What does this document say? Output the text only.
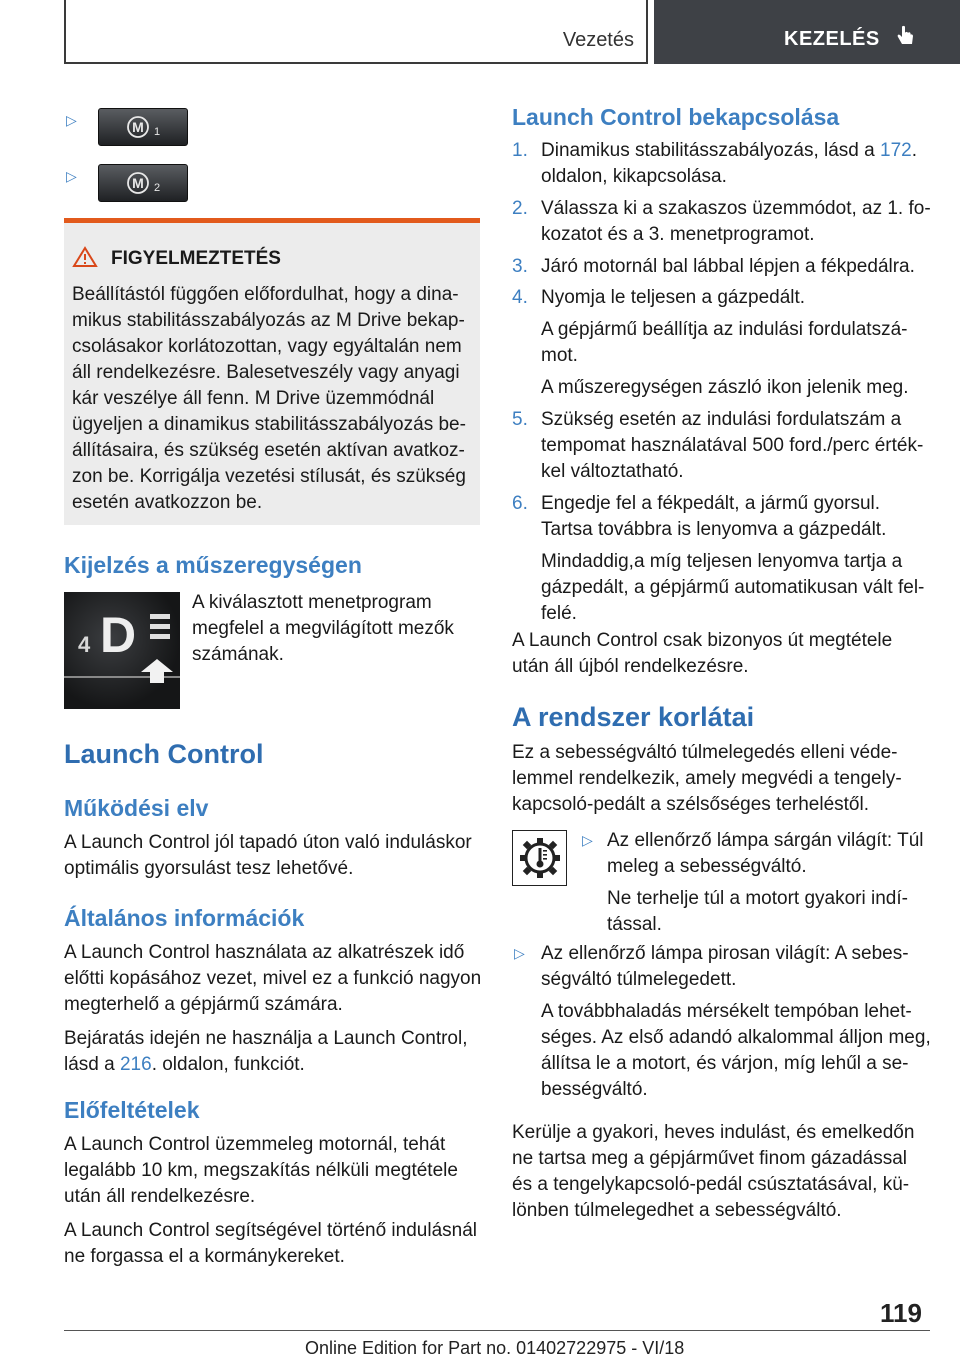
Vezetés	KEZELÉS
▷	M 1
▷	M 2
FIGYELMEZTETÉS
Beállítástól függően előfordulhat, hogy a dina-
mikus stabilitásszabályozás az M Drive bekap-
csolásakor korlátozottan, vagy egyáltalán nem
áll rendelkezésre. Balesetveszély vagy anyagi
kár veszélye áll fenn. M Drive üzemmódnál
ügyeljen a dinamikus stabilitásszabályozás be-
állításaira, és szükség esetén aktívan avatkoz-
zon be. Korrigálja vezetési stílusát, és szükség
esetén avatkozzon be.
Kijelzés a műszeregységen
4 D
A kiválasztott menetprogram
megfelel a megvilágított mezők
számának.
Launch Control
Működési elv
A Launch Control jól tapadó úton való induláskor
optimális gyorsulást tesz lehetővé.
Általános információk
A Launch Control használata az alkatrészek idő
előtti kopásához vezet, mivel ez a funkció nagyon
megterhelő a gépjármű számára.
Bejáratás idején ne használja a Launch Control,
lásd a 216. oldalon, funkciót.
Előfeltételek
A Launch Control üzemmeleg motornál, tehát
legalább 10 km, megszakítás nélküli megtétele
után áll rendelkezésre.
A Launch Control segítségével történő indulásnál
ne forgassa el a kormánykereket.
Launch Control bekapcsolása
1. Dinamikus stabilitásszabályozás, lásd a 172.
oldalon, kikapcsolása.
2. Válassza ki a szakaszos üzemmódot, az 1. fo-
kozatot és a 3. menetprogramot.
3. Járó motornál bal lábbal lépjen a fékpedálra.
4. Nyomja le teljesen a gázpedált.
A gépjármű beállítja az indulási fordulatszá-
mot.
A műszeregységen zászló ikon jelenik meg.
5. Szükség esetén az indulási fordulatszám a
tempomat használatával 500 ford./perc érték-
kel változtatható.
6. Engedje fel a fékpedált, a jármű gyorsul.
Tartsa továbbra is lenyomva a gázpedált.
Mindaddig,a míg teljesen lenyomva tartja a
gázpedált, a gépjármű automatikusan vált fel-
felé.
A Launch Control csak bizonyos út megtétele
után áll újból rendelkezésre.
A rendszer korlátai
Ez a sebességváltó túlmelegedés elleni véde-
lemmel rendelkezik, amely megvédi a tengely-
kapcsoló-pedált a szélsőséges terheléstől.
▷ Az ellenőrző lámpa sárgán világít: Túl
meleg a sebességváltó.
Ne terhelje túl a motort gyakori indí-
tással.
▷ Az ellenőrző lámpa pirosan világít: A sebes-
ségváltó túlmelegedett.
A továbbhaladás mérsékelt tempóban lehet-
séges. Az első adandó alkalommal álljon meg,
állítsa le a motort, és várjon, míg lehűl a se-
bességváltó.
Kerülje a gyakori, heves indulást, és emelkedőn
ne tartsa meg a gépjárművet finom gázadással
és a tengelykapcsoló-pedál csúsztatásával, kü-
lönben túlmelegedhet a sebességváltó.
119
Online Edition for Part no. 01402722975 - VI/18
